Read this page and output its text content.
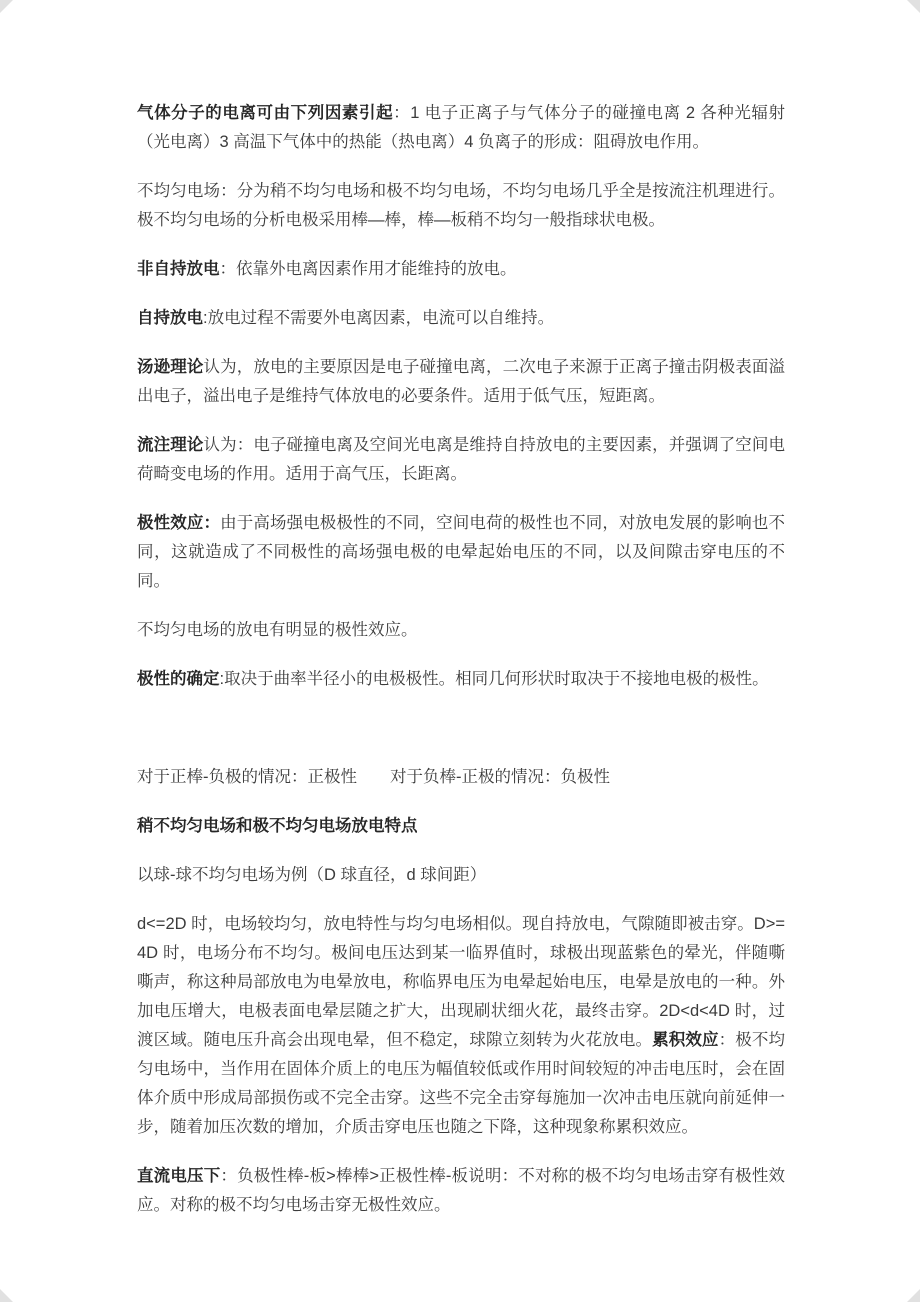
气体分子的电离可由下列因素引起：1 电子正离子与气体分子的碰撞电离 2 各种光辐射（光电离）3 高温下气体中的热能（热电离）4 负离子的形成：阻碍放电作用。

不均匀电场：分为稍不均匀电场和极不均匀电场，不均匀电场几乎全是按流注机理进行。极不均匀电场的分析电极采用棒—棒，棒—板稍不均匀一般指球状电极。

非自持放电：依靠外电离因素作用才能维持的放电。

自持放电:放电过程不需要外电离因素，电流可以自维持。

汤逊理论认为，放电的主要原因是电子碰撞电离，二次电子来源于正离子撞击阴极表面溢出电子，溢出电子是维持气体放电的必要条件。适用于低气压，短距离。

流注理论认为：电子碰撞电离及空间光电离是维持自持放电的主要因素，并强调了空间电荷畸变电场的作用。适用于高气压，长距离。

极性效应：由于高场强电极极性的不同，空间电荷的极性也不同，对放电发展的影响也不同，这就造成了不同极性的高场强电极的电晕起始电压的不同，以及间隙击穿电压的不同。

不均匀电场的放电有明显的极性效应。

极性的确定:取决于曲率半径小的电极极性。相同几何形状时取决于不接地电极的极性。

对于正棒-负极的情况：正极性　　对于负棒-正极的情况：负极性

稍不均匀电场和极不均匀电场放电特点

以球-球不均匀电场为例（D 球直径，d 球间距）

d<=2D 时，电场较均匀，放电特性与均匀电场相似。现自持放电，气隙随即被击穿。D>=4D 时，电场分布不均匀。极间电压达到某一临界值时，球极出现蓝紫色的晕光，伴随嘶嘶声，称这种局部放电为电晕放电，称临界电压为电晕起始电压，电晕是放电的一种。外加电压增大，电极表面电晕层随之扩大，出现刷状细火花，最终击穿。2D<d<4D 时，过渡区域。随电压升高会出现电晕，但不稳定，球隙立刻转为火花放电。累积效应：极不均匀电场中，当作用在固体介质上的电压为幅值较低或作用时间较短的冲击电压时，会在固体介质中形成局部损伤或不完全击穿。这些不完全击穿每施加一次冲击电压就向前延伸一步，随着加压次数的增加，介质击穿电压也随之下降，这种现象称累积效应。

直流电压下：负极性棒-板>棒棒>正极性棒-板说明：不对称的极不均匀电场击穿有极性效应。对称的极不均匀电场击穿无极性效应。
